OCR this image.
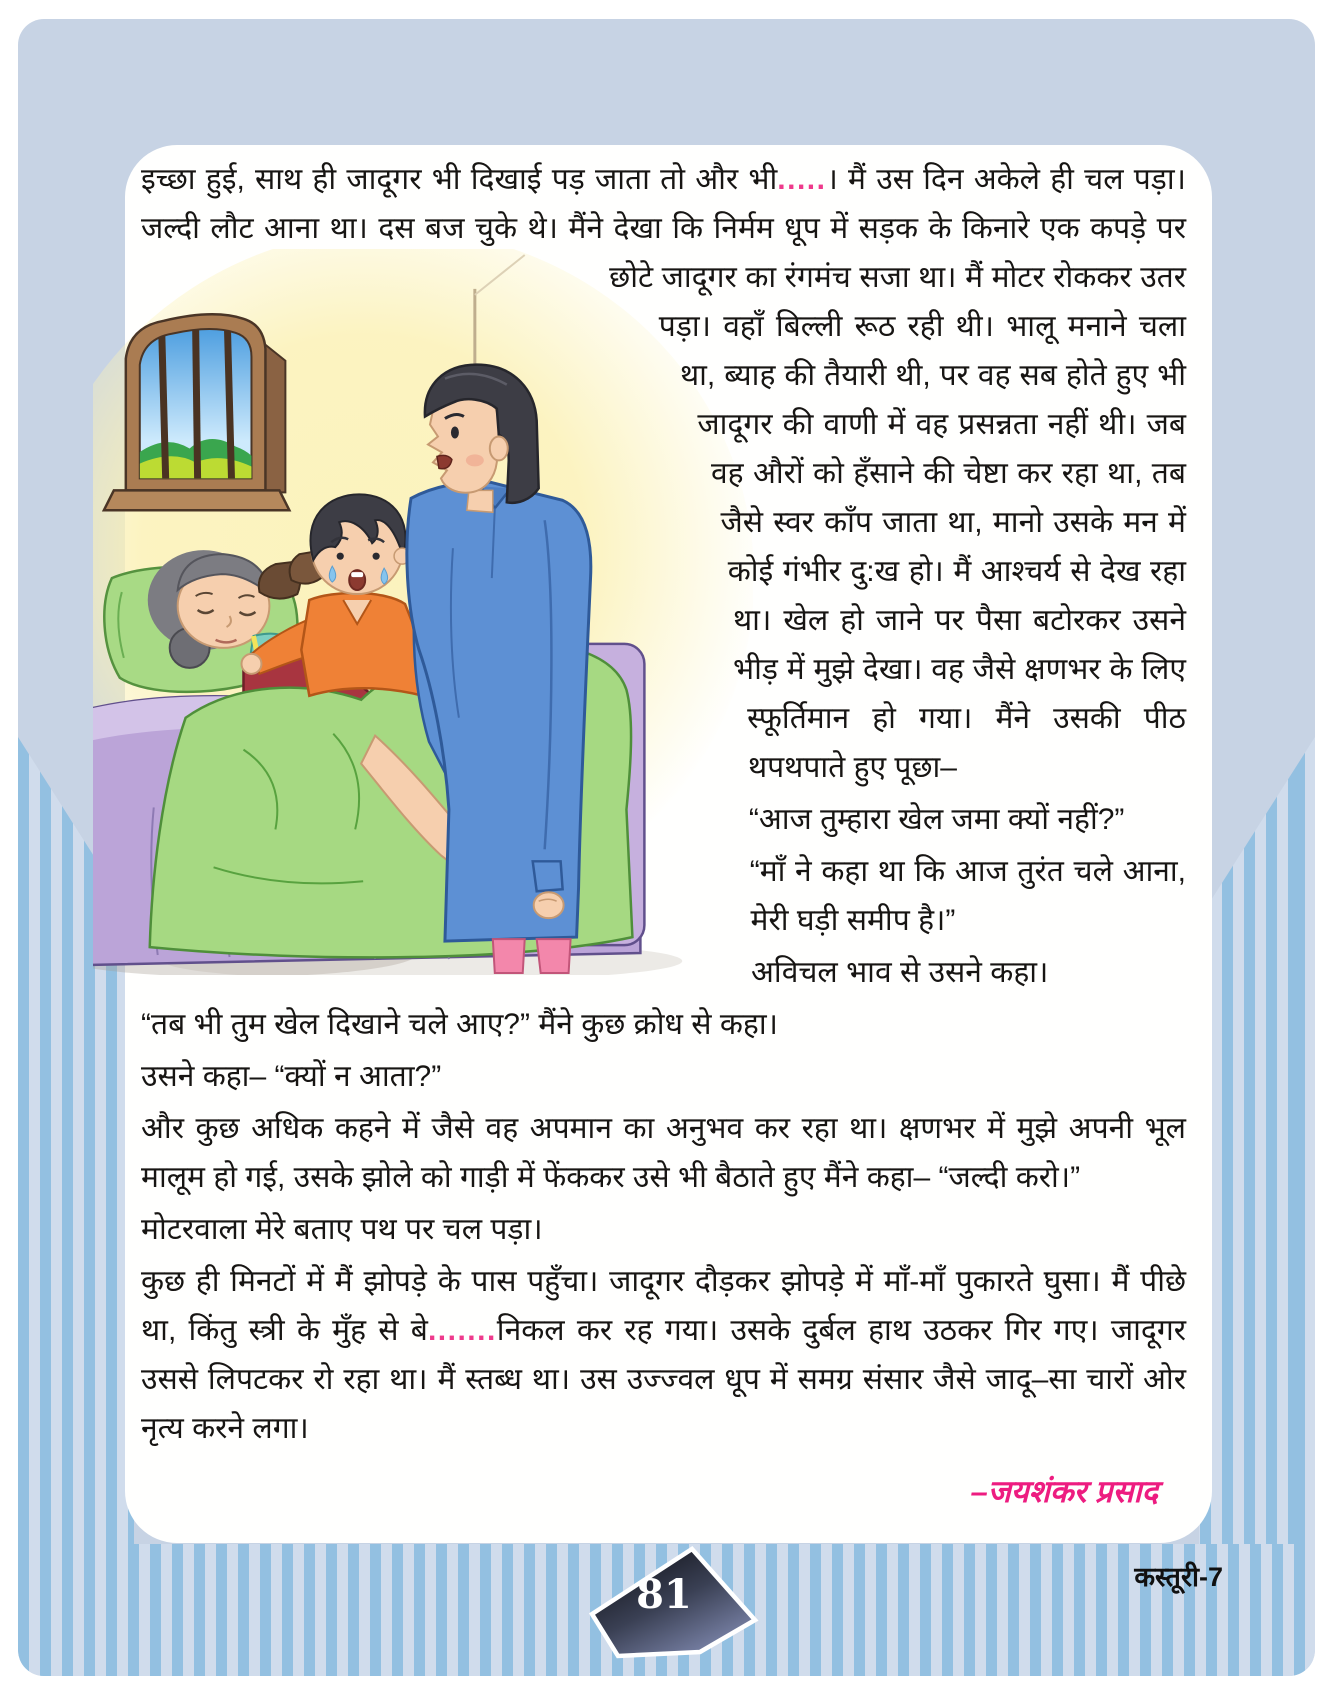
इच्छा हुई, साथ ही जादूगर भी दिखाई पड़ जाता तो और भी.....। मैं उस दिन अकेले ही चल पड़ा। जल्दी लौट आना था। दस बज चुके थे। मैंने देखा कि निर्मम धूप में सड़क के किनारे एक
कपड़े पर छोटे जादूगर का रंगमंच सजा था। मैं मोटर रोककर उतर पड़ा। वहाँ बिल्ली रूठ रही थी। भालू मनाने चला था, ब्याह की तैयारी थी, पर वह सब होते हुए भी जादूगर की वाणी में वह प्रसन्नता नहीं थी। जब वह औरों को हँसाने की चेष्टा कर रहा था, तब जैसे स्वर काँप जाता था, मानो उसके मन में कोई गंभीर दु:ख हो। मैं आश्चर्य से देख रहा था। खेल हो जाने पर पैसा बटोरकर उसने भीड़ में मुझे देखा। वह जैसे क्षणभर के लिए स्फूर्तिमान हो गया। मैंने उसकी पीठ थपथपाते हुए पूछा–

“आज तुम्हारा खेल जमा क्यों नहीं?”

“माँ ने कहा था कि आज तुरंत चले आना, मेरी घड़ी समीप है।”

अविचल भाव से उसने कहा।

“तब भी तुम खेल दिखाने चले आए?” मैंने कुछ क्रोध से कहा।

उसने कहा– “क्यों न आता?”

और कुछ अधिक कहने में जैसे वह अपमान का अनुभव कर रहा था। क्षणभर में मुझे अपनी भूल मालूम हो गई, उसके झोले को गाड़ी में फेंककर उसे भी बैठाते हुए मैंने कहा– “जल्दी करो।”

मोटरवाला मेरे बताए पथ पर चल पड़ा।

कुछ ही मिनटों में मैं झोपड़े के पास पहुँचा। जादूगर दौड़कर झोपड़े में माँ-माँ पुकारते घुसा। मैं पीछे था, किंतु स्त्री के मुँह से बे.......निकल कर रह गया। उसके दुर्बल हाथ उठकर गिर गए। जादूगर उससे लिपटकर रो रहा था। मैं स्तब्ध था। उस उज्ज्वल धूप में समग्र संसार जैसे जादू–सा चारों ओर नृत्य करने लगा।

–जयशंकर प्रसाद
81	कस्तूरी-7
